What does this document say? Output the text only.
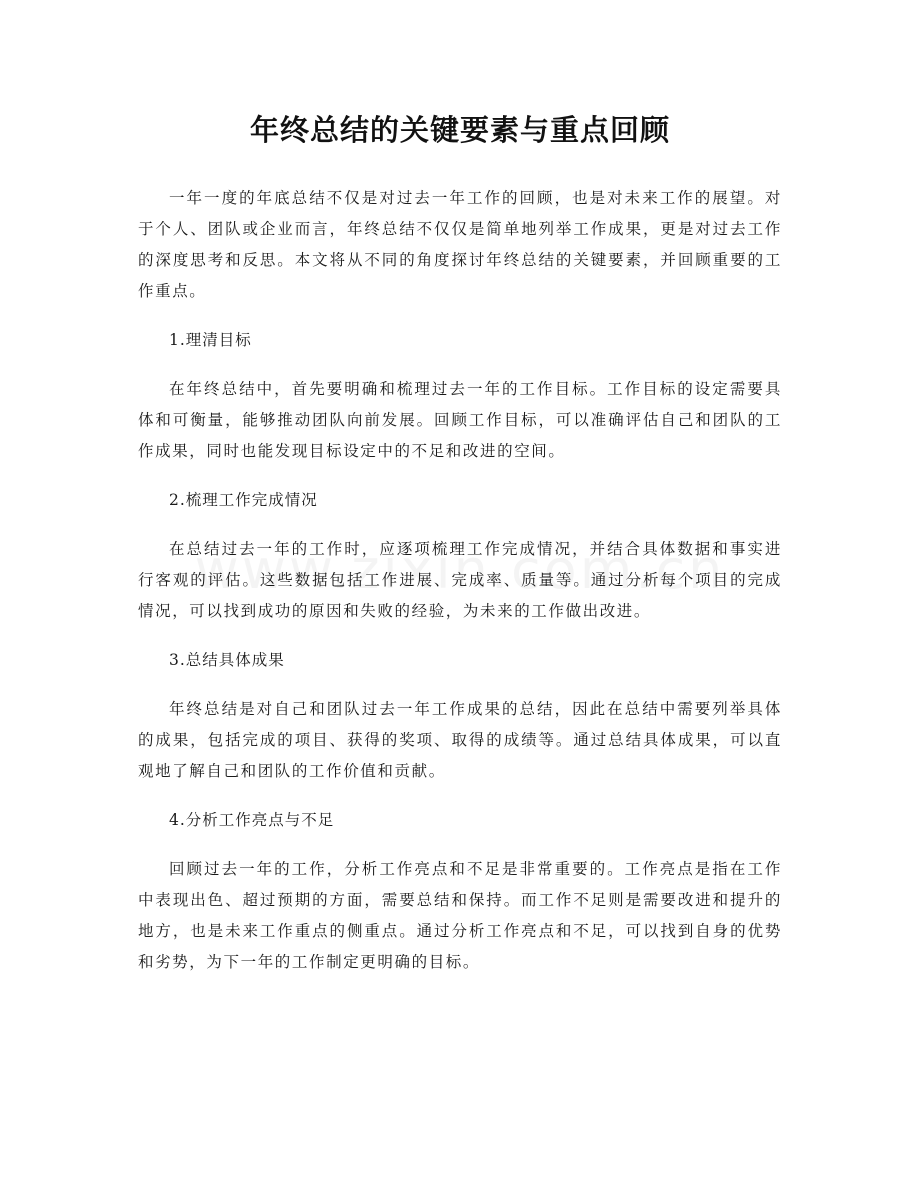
年终总结的关键要素与重点回顾

一年一度的年底总结不仅是对过去一年工作的回顾，也是对未来工作的展望。对于个人、团队或企业而言，年终总结不仅仅是简单地列举工作成果，更是对过去工作的深度思考和反思。本文将从不同的角度探讨年终总结的关键要素，并回顾重要的工作重点。

1.理清目标

在年终总结中，首先要明确和梳理过去一年的工作目标。工作目标的设定需要具体和可衡量，能够推动团队向前发展。回顾工作目标，可以准确评估自己和团队的工作成果，同时也能发现目标设定中的不足和改进的空间。

2.梳理工作完成情况

在总结过去一年的工作时，应逐项梳理工作完成情况，并结合具体数据和事实进行客观的评估。这些数据包括工作进展、完成率、质量等。通过分析每个项目的完成情况，可以找到成功的原因和失败的经验，为未来的工作做出改进。

3.总结具体成果

年终总结是对自己和团队过去一年工作成果的总结，因此在总结中需要列举具体的成果，包括完成的项目、获得的奖项、取得的成绩等。通过总结具体成果，可以直观地了解自己和团队的工作价值和贡献。

4.分析工作亮点与不足

回顾过去一年的工作，分析工作亮点和不足是非常重要的。工作亮点是指在工作中表现出色、超过预期的方面，需要总结和保持。而工作不足则是需要改进和提升的地方，也是未来工作重点的侧重点。通过分析工作亮点和不足，可以找到自身的优势和劣势，为下一年的工作制定更明确的目标。
